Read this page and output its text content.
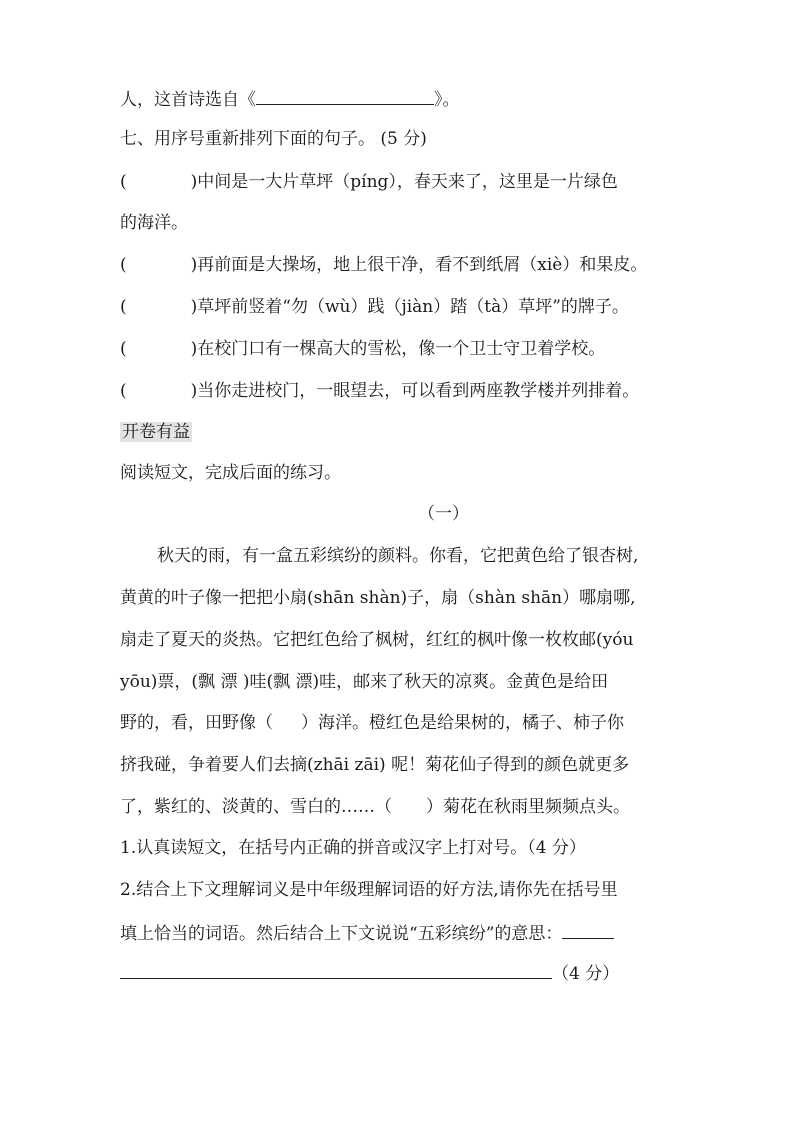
人，这首诗选自《	》。
七、用序号重新排列下面的句子。 (5 分)
(	)中间是一大片草坪（píng），春天来了，这里是一片绿色
的海洋。
(	)再前面是大操场，地上很干净，看不到纸屑（xiè）和果皮。
(	)草坪前竖着“勿（wù）践（jiàn）踏（tà）草坪”的牌子。
(	)在校门口有一棵高大的雪松，像一个卫士守卫着学校。
(	)当你走进校门，一眼望去，可以看到两座教学楼并列排着。
开卷有益
阅读短文，完成后面的练习。
（一）
秋天的雨，有一盒五彩缤纷的颜料。你看，它把黄色给了银杏树,
黄黄的叶子像一把把小扇(shān shàn)子，扇（shàn shān）哪扇哪,
扇走了夏天的炎热。它把红色给了枫树，红红的枫叶像一枚枚邮(yóu
yōu)票，(飘 漂 )哇(飘 漂)哇，邮来了秋天的凉爽。金黄色是给田
野的，看，田野像（ ）海洋。橙红色是给果树的，橘子、柿子你
挤我碰，争着要人们去摘(zhāi zāi) 呢！菊花仙子得到的颜色就更多
了，紫红的、淡黄的、雪白的……（ ）菊花在秋雨里频频点头。
1.认真读短文，在括号内正确的拼音或汉字上打对号。（4 分）
2.结合上下文理解词义是中年级理解词语的好方法,请你先在括号里
填上恰当的词语。然后结合上下文说说“五彩缤纷”的意思：
（4 分）
